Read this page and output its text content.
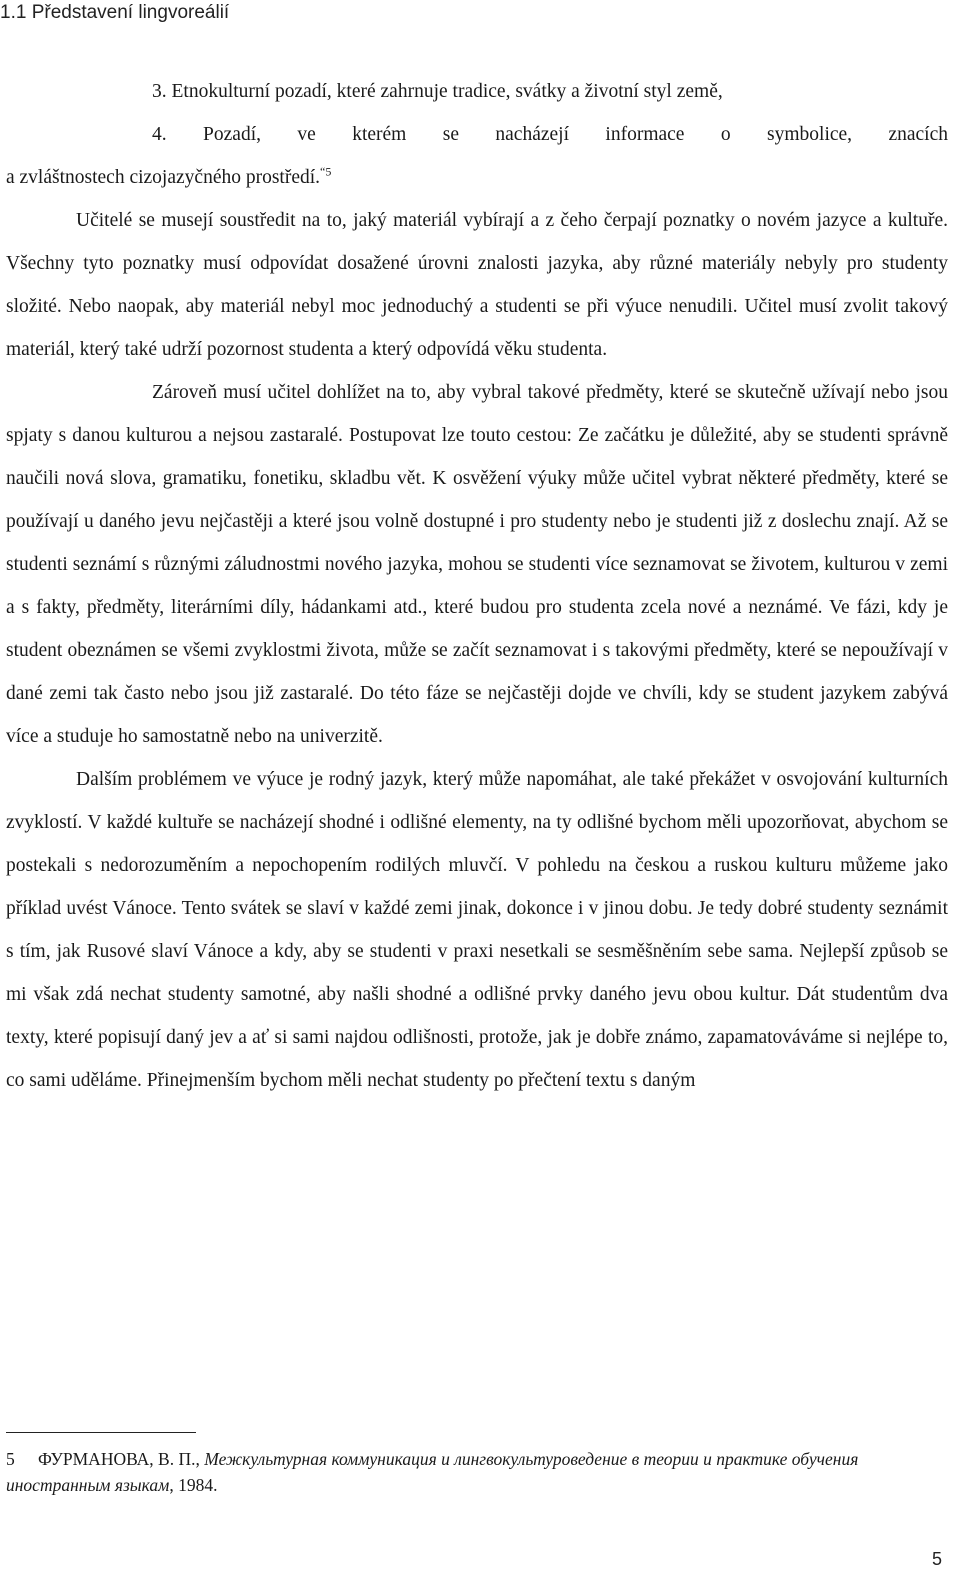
1.1 Představení lingvoreálií

3. Etnokulturní pozadí, které zahrnuje tradice, svátky a životní styl země,

4. Pozadí, ve kterém se nacházejí informace o symbolice, znacích

a zvláštnostech cizojazyčného prostředí.$^{“5}$

Učitelé se musejí soustředit na to, jaký materiál vybírají a z čeho čerpají poznatky o novém jazyce a kultuře. Všechny tyto poznatky musí odpovídat dosažené úrovni znalosti jazyka, aby různé materiály nebyly pro studenty složité. Nebo naopak, aby materiál nebyl moc jednoduchý a studenti se při výuce nenudili. Učitel musí zvolit takový materiál, který také udrží pozornost studenta a který odpovídá věku studenta.

Zároveň musí učitel dohlížet na to, aby vybral takové předměty, které se skutečně užívají nebo jsou spjaty s danou kulturou a nejsou zastaralé. Postupovat lze touto cestou: Ze začátku je důležité, aby se studenti správně naučili nová slova, gramatiku, fonetiku, skladbu vět. K osvěžení výuky může učitel vybrat některé předměty, které se používají u daného jevu nejčastěji a které jsou volně dostupné i pro studenty nebo je studenti již z doslechu znají. Až se studenti seznámí s různými záludnostmi nového jazyka, mohou se studenti více seznamovat se životem, kulturou v zemi a s fakty, předměty, literárními díly, hádankami atd., které budou pro studenta zcela nové a neznámé. Ve fázi, kdy je student obeznámen se všemi zvyklostmi života, může se začít seznamovat i s takovými předměty, které se nepoužívají v dané zemi tak často nebo jsou již zastaralé. Do této fáze se nejčastěji dojde ve chvíli, kdy se student jazykem zabývá více a studuje ho samostatně nebo na univerzitě.

Dalším problémem ve výuce je rodný jazyk, který může napomáhat, ale také překážet v osvojování kulturních zvyklostí. V každé kultuře se nacházejí shodné i odlišné elementy, na ty odlišné bychom měli upozorňovat, abychom se postekali s nedorozuměním a nepochopením rodilých mluvčí. V pohledu na českou a ruskou kulturu můžeme jako příklad uvést Vánoce. Tento svátek se slaví v každé zemi jinak, dokonce i v jinou dobu. Je tedy dobré studenty seznámit s tím, jak Rusové slaví Vánoce a kdy, aby se studenti v praxi nesetkali se sesměšněním sebe sama. Nejlepší způsob se mi však zdá nechat studenty samotné, aby našli shodné a odlišné prvky daného jevu obou kultur. Dát studentům dva texty, které popisují daný jev a ať si sami najdou odlišnosti, protože, jak je dobře známo, zapamatováváme si nejlépe to, co sami uděláme. Přinejmenším bychom měli nechat studenty po přečtení textu s daným

5 ФУРМАНОВА, В. П., Межкультурная коммуникация и лингвокультуроведение в теории и практике обучения иностранным языкам, 1984.
5
